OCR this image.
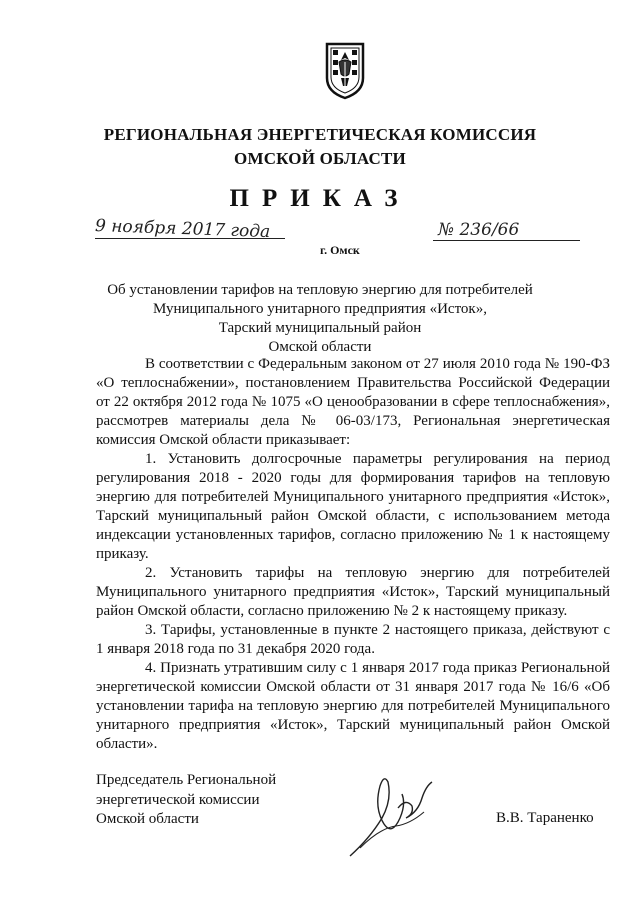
РЕГИОНАЛЬНАЯ ЭНЕРГЕТИЧЕСКАЯ КОМИССИЯ
ОМСКОЙ ОБЛАСТИ
ПРИКАЗ
9 ноября 2017 года	№ 236/66
г. Омск
Об установлении тарифов на тепловую энергию для потребителей
Муниципального унитарного предприятия «Исток»,
Тарский муниципальный район
Омской области

В соответствии с Федеральным законом от 27 июля 2010 года № 190-ФЗ «О теплоснабжении», постановлением Правительства Российской Федерации от 22 октября 2012 года № 1075 «О ценообразовании в сфере теплоснабжения», рассмотрев материалы дела № 06-03/173, Региональная энергетическая комиссия Омской области приказывает:

1. Установить долгосрочные параметры регулирования на период регулирования 2018 - 2020 годы для формирования тарифов на тепловую энергию для потребителей Муниципального унитарного предприятия «Исток», Тарский муниципальный район Омской области, с использованием метода индексации установленных тарифов, согласно приложению № 1 к настоящему приказу.

2. Установить тарифы на тепловую энергию для потребителей Муниципального унитарного предприятия «Исток», Тарский муниципальный район Омской области, согласно приложению № 2 к настоящему приказу.

3. Тарифы, установленные в пункте 2 настоящего приказа, действуют с 1 января 2018 года по 31 декабря 2020 года.

4. Признать утратившим силу с 1 января 2017 года приказ Региональной энергетической комиссии Омской области от 31 января 2017 года № 16/6 «Об установлении тарифа на тепловую энергию для потребителей Муниципального унитарного предприятия «Исток», Тарский муниципальный район Омской области».

Председатель Региональной
энергетической комиссии
Омской области	В.В. Тараненко
